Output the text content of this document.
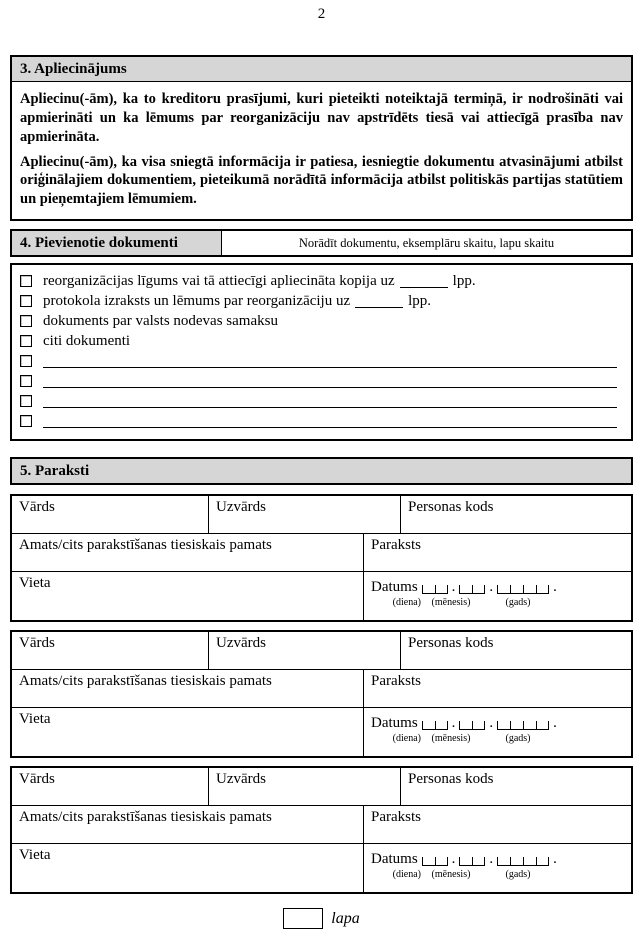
2
3. Apliecinājums

Apliecinu(-ām), ka to kreditoru prasījumi, kuri pieteikti noteiktajā termiņā, ir nodrošināti vai apmierināti un ka lēmums par reorganizāciju nav apstrīdēts tiesā vai attiecīgā prasība nav apmierināta.

Apliecinu(-ām), ka visa sniegtā informācija ir patiesa, iesniegtie dokumentu atvasinājumi atbilst oriģinālajiem dokumentiem, pieteikumā norādītā informācija atbilst politiskās partijas statūtiem un pieņemtajiem lēmumiem.

4. Pievienotie dokumenti	Norādīt dokumentu, eksemplāru skaitu, lapu skaitu
reorganizācijas līgums vai tā attiecīgi apliecināta kopija uz	lpp.
protokola izraksts un lēmums par reorganizāciju uz	lpp.
dokuments par valsts nodevas samaksu
citi dokumenti
5. Paraksti
Vārds	Uzvārds	Personas kods
Amats/cits parakstīšanas tiesiskais pamats	Paraksts
Vieta	Datums . .	.
(diena)	(mēnesis)	(gads)
Vārds	Uzvārds	Personas kods
Amats/cits parakstīšanas tiesiskais pamats	Paraksts
Vieta	Datums . .	.
(diena)	(mēnesis)	(gads)
Vārds	Uzvārds	Personas kods
Amats/cits parakstīšanas tiesiskais pamats	Paraksts
Vieta	Datums . .	.
(diena)	(mēnesis)	(gads)
lapa
